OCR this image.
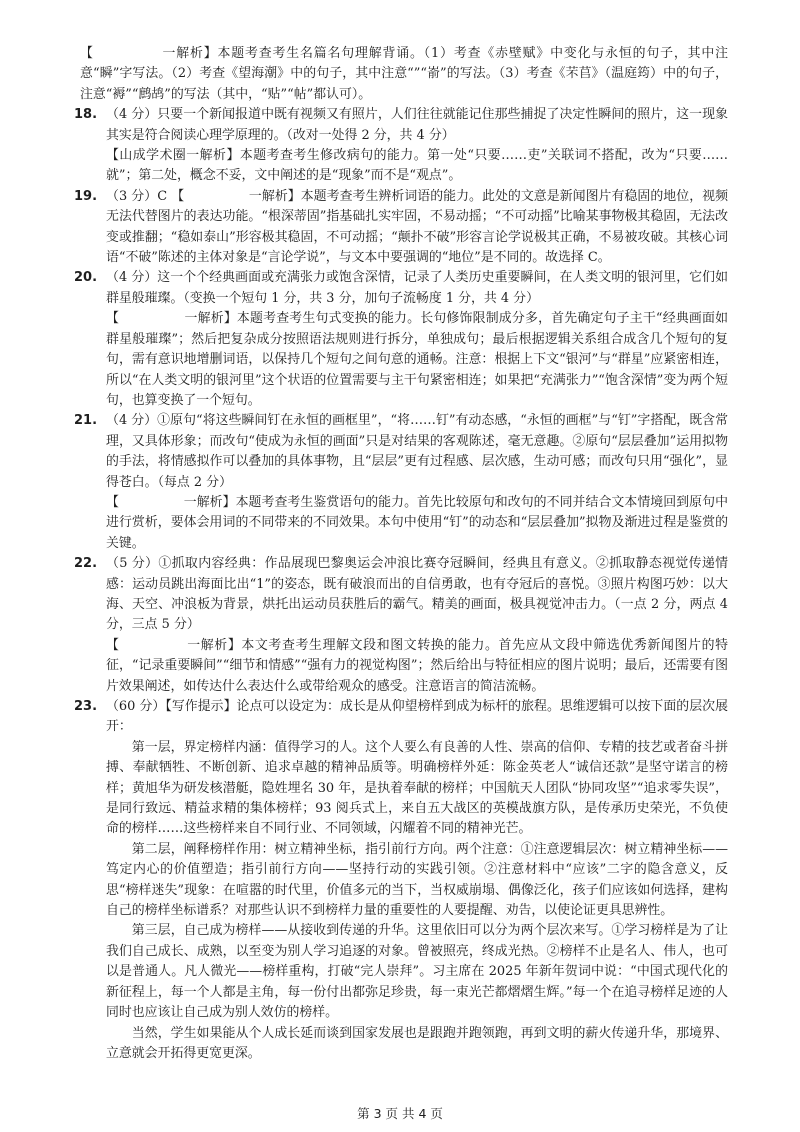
【　　　　　一解析】本题考查考生名篇名句理解背诵。（1）考查《赤壁赋》中变化与永恒的句子，其中注意“瞬”字写法。（2）考查《望海潮》中的句子，其中注意“”“嵛”的写法。（3）考查《芣苢》（温庭筠）中的句子，注意“褥”“鹧鸪”的写法（其中，“贴”“帖”都认可）。

18. （4 分）只要一个新闻报道中既有视频又有照片，人们往往就能记住那些捕捉了决定性瞬间的照片，这一现象其实是符合阅读心理学原理的。（改对一处得 2 分，共 4 分）

【山成学术圈一解析】本题考查考生修改病句的能力。第一处“只要……吏”关联词不搭配，改为“只要……就”；第二处，概念不妥，文中阐述的是“现象”而不是“观点”。

19. （3 分）C 【　　　　　一解析】本题考查考生辨析词语的能力。此处的文意是新闻图片有稳固的地位，视频无法代替图片的表达功能。“根深蒂固”指基础扎实牢固，不易动摇；“不可动摇”比喻某事物极其稳固，无法改变或推翻；“稳如泰山”形容极其稳固，不可动摇；“颠扑不破”形容言论学说极其正确，不易被攻破。其核心词语“不破”陈述的主体对象是“言论学说”，与文本中要强调的“地位”是不同的。故选择 C。

20. （4 分）这一个个经典画面或充满张力或饱含深情，记录了人类历史重要瞬间，在人类文明的银河里，它们如群星般璀璨。（变换一个短句 1 分，共 3 分，加句子流畅度 1 分，共 4 分）

【　　　　　一解析】本题考查考生句式变换的能力。长句修饰限制成分多，首先确定句子主干“经典画面如群星般璀璨”；然后把复杂成分按照语法规则进行拆分，单独成句；最后根据逻辑关系组合成含几个短句的复句，需有意识地增删词语，以保持几个短句之间句意的通畅。注意：根据上下文“银河”与“群星”应紧密相连，所以“在人类文明的银河里”这个状语的位置需要与主干句紧密相连；如果把“充满张力”“饱含深情”变为两个短句，也算变换了一个短句。

21. （4 分）①原句“将这些瞬间钉在永恒的画框里”，“将……钉”有动态感，“永恒的画框”与“钉”字搭配，既含常理，又具体形象；而改句“使成为永恒的画面”只是对结果的客观陈述，毫无意趣。②原句“层层叠加”运用拟物的手法，将情感拟作可以叠加的具体事物，且“层层”更有过程感、层次感，生动可感；而改句只用“强化”，显得苍白。（每点 2 分）

【　　　　　一解析】本题考查考生鉴赏语句的能力。首先比较原句和改句的不同并结合文本情境回到原句中进行赏析，要体会用词的不同带来的不同效果。本句中使用“钉”的动态和“层层叠加”拟物及渐进过程是鉴赏的关键。

22. （5 分）①抓取内容经典：作品展现巴黎奥运会冲浪比赛夺冠瞬间，经典且有意义。②抓取静态视觉传递情感：运动员跳出海面比出“1”的姿态，既有破浪而出的自信勇敢，也有夺冠后的喜悦。③照片构图巧妙：以大海、天空、冲浪板为背景，烘托出运动员获胜后的霸气。精美的画面，极具视觉冲击力。（一点 2 分，两点 4 分，三点 5 分）

【　　　　　一解析】本文考查考生理解文段和图文转换的能力。首先应从文段中筛选优秀新闻图片的特征，“记录重要瞬间”“细节和情感”“强有力的视觉构图”；然后给出与特征相应的图片说明；最后，还需要有图片效果阐述，如传达什么表达什么或带给观众的感受。注意语言的简洁流畅。

23. （60 分）【写作提示】论点可以设定为：成长是从仰望榜样到成为标杆的旅程。思维逻辑可以按下面的层次展开：

第一层，界定榜样内涵：值得学习的人。这个人要么有良善的人性、崇高的信仰、专精的技艺或者奋斗拼搏、奉献牺牲、不断创新、追求卓越的精神品质等。明确榜样外延：陈金英老人“诚信还款”是坚守诺言的榜样；黄旭华为研发核潜艇，隐姓埋名 30 年，是执着奉献的榜样；中国航天人团队“协同攻坚”“追求零失误”，是同行致远、精益求精的集体榜样；93 阅兵式上，来自五大战区的英模战旗方队，是传承历史荣光，不负使命的榜样……这些榜样来自不同行业、不同领域，闪耀着不同的精神光芒。

第二层，阐释榜样作用：树立精神坐标，指引前行方向。两个注意：①注意逻辑层次：树立精神坐标——笃定内心的价值塑造；指引前行方向——坚持行动的实践引领。②注意材料中“应该”二字的隐含意义，反思“榜样迷失”现象：在喧嚣的时代里，价值多元的当下，当权威崩塌、偶像泛化，孩子们应该如何选择，建构自己的榜样坐标谱系？对那些认识不到榜样力量的重要性的人要提醒、劝告，以使论证更具思辨性。

第三层，自己成为榜样——从接收到传递的升华。这里依旧可以分为两个层次来写。①学习榜样是为了让我们自己成长、成熟，以至变为别人学习追逐的对象。曾被照亮，终成光热。②榜样不止是名人、伟人，也可以是普通人。凡人微光——榜样重构，打破“完人崇拜”。习主席在 2025 年新年贺词中说：“中国式现代化的新征程上，每一个人都是主角，每一份付出都弥足珍贵，每一束光芒都熠熠生辉。”每一个在追寻榜样足迹的人同时也应该让自己成为别人效仿的榜样。

当然，学生如果能从个人成长延而谈到国家发展也是跟跑并跑领跑，再到文明的薪火传递升华，那境界、立意就会开拓得更宽更深。

第 3 页 共 4 页
